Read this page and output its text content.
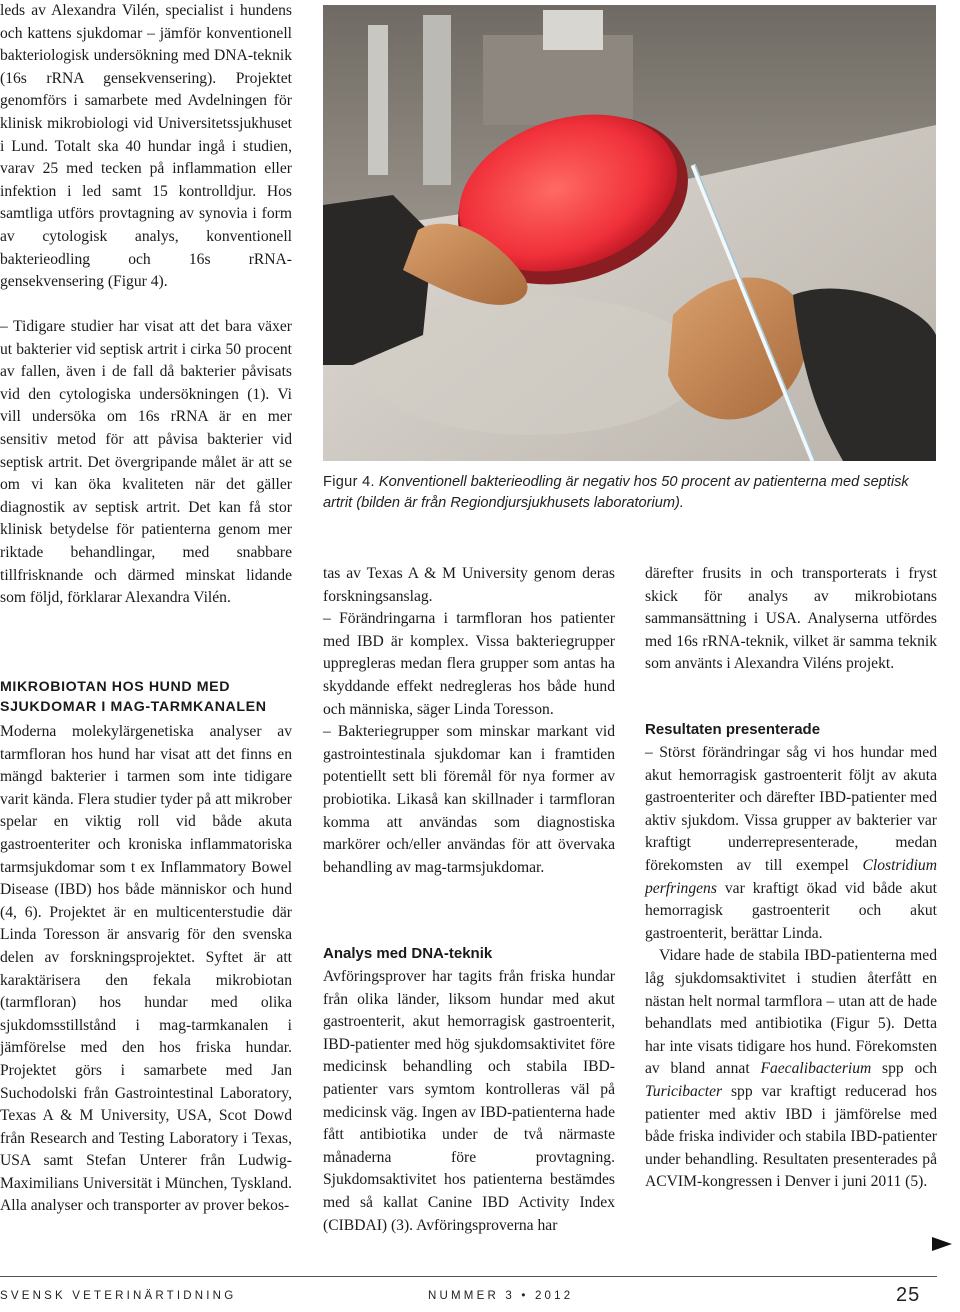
leds av Alexandra Vilén, specialist i hundens och kattens sjukdomar – jämför konventionell bakteriologisk undersökning med DNA-teknik (16s rRNA gensekvensering). Projektet genomförs i samarbete med Avdelningen för klinisk mikrobiologi vid Universitetssjukhuset i Lund. Totalt ska 40 hundar ingå i studien, varav 25 med tecken på inflammation eller infektion i led samt 15 kontrolldjur. Hos samtliga utförs provtagning av synovia i form av cytologisk analys, konventionell bakterieodling och 16s rRNA-gensekvensering (Figur 4).

– Tidigare studier har visat att det bara växer ut bakterier vid septisk artrit i cirka 50 procent av fallen, även i de fall då bakterier påvisats vid den cytologiska undersökningen (1). Vi vill undersöka om 16s rRNA är en mer sensitiv metod för att påvisa bakterier vid septisk artrit. Det övergripande målet är att se om vi kan öka kvaliteten när det gäller diagnostik av septisk artrit. Det kan få stor klinisk betydelse för patienterna genom mer riktade behandlingar, med snabbare tillfrisknande och därmed minskat lidande som följd, förklarar Alexandra Vilén.

MIKROBIOTAN HOS HUND MED SJUKDOMAR I MAG-TARMKANALEN

Moderna molekylärgenetiska analyser av tarmfloran hos hund har visat att det finns en mängd bakterier i tarmen som inte tidigare varit kända. Flera studier tyder på att mikrober spelar en viktig roll vid både akuta gastroenteriter och kroniska inflammatoriska tarmsjukdomar som t ex Inflammatory Bowel Disease (IBD) hos både människor och hund (4, 6). Projektet är en multicenterstudie där Linda Toresson är ansvarig för den svenska delen av forskningsprojektet. Syftet är att karaktärisera den fekala mikrobiotan (tarmfloran) hos hundar med olika sjukdomsstillstånd i mag-tarmkanalen i jämförelse med den hos friska hundar. Projektet görs i samarbete med Jan Suchodolski från Gastrointestinal Laboratory, Texas A & M University, USA, Scot Dowd från Research and Testing Laboratory i Texas, USA samt Stefan Unterer från Ludwig-Maximilians Universität i München, Tyskland. Alla analyser och transporter av prover bekos-

Figur 4. Konventionell bakterieodling är negativ hos 50 procent av patienterna med septisk artrit (bilden är från Regiondjursjukhusets laboratorium).

tas av Texas A & M University genom deras forskningsanslag.

– Förändringarna i tarmfloran hos patienter med IBD är komplex. Vissa bakteriegrupper uppregleras medan flera grupper som antas ha skyddande effekt nedregleras hos både hund och människa, säger Linda Toresson.

– Bakteriegrupper som minskar markant vid gastrointestinala sjukdomar kan i framtiden potentiellt sett bli föremål för nya former av probiotika. Likaså kan skillnader i tarmfloran komma att användas som diagnostiska markörer och/eller användas för att övervaka behandling av mag-tarmsjukdomar.

Analys med DNA-teknik

Avföringsprover har tagits från friska hundar från olika länder, liksom hundar med akut gastroenterit, akut hemorragisk gastroenterit, IBD-patienter med hög sjukdomsaktivitet före medicinsk behandling och stabila IBD-patienter vars symtom kontrolleras väl på medicinsk väg. Ingen av IBD-patienterna hade fått antibiotika under de två närmaste månaderna före provtagning. Sjukdomsaktivitet hos patienterna bestämdes med så kallat Canine IBD Activity Index (CIBDAI) (3). Avföringsproverna har

därefter frusits in och transporterats i fryst skick för analys av mikrobiotans sammansättning i USA. Analyserna utfördes med 16s rRNA-teknik, vilket är samma teknik som använts i Alexandra Viléns projekt.

Resultaten presenterade

– Störst förändringar såg vi hos hundar med akut hemorragisk gastroenterit följt av akuta gastroenteriter och därefter IBD-patienter med aktiv sjukdom. Vissa grupper av bakterier var kraftigt underrepresenterade, medan förekomsten av till exempel Clostridium perfringens var kraftigt ökad vid både akut hemorragisk gastroenterit och akut gastroenterit, berättar Linda.

Vidare hade de stabila IBD-patienterna med låg sjukdomsaktivitet i studien återfått en nästan helt normal tarmflora – utan att de hade behandlats med antibiotika (Figur 5). Detta har inte visats tidigare hos hund. Förekomsten av bland annat Faecalibacterium spp och Turicibacter spp var kraftigt reducerad hos patienter med aktiv IBD i jämförelse med både friska individer och stabila IBD-patienter under behandling. Resultaten presenterades på ACVIM-kongressen i Denver i juni 2011 (5).

SVENSK VETERINÄRTIDNING	NUMMER 3 • 2012	25
